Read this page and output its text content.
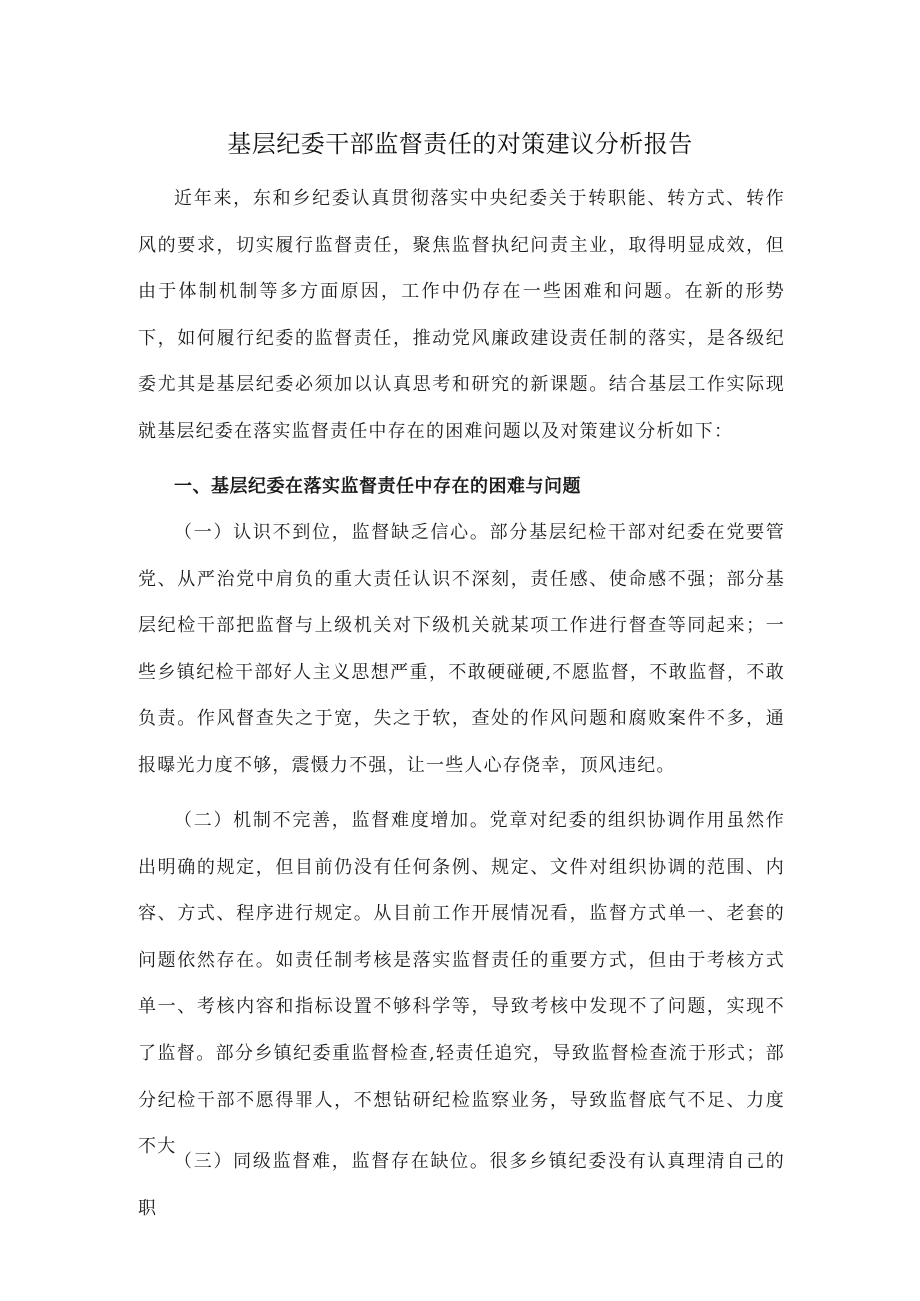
基层纪委干部监督责任的对策建议分析报告

近年来，东和乡纪委认真贯彻落实中央纪委关于转职能、转方式、转作风的要求，切实履行监督责任，聚焦监督执纪问责主业，取得明显成效，但由于体制机制等多方面原因，工作中仍存在一些困难和问题。在新的形势下，如何履行纪委的监督责任，推动党风廉政建设责任制的落实，是各级纪委尤其是基层纪委必须加以认真思考和研究的新课题。结合基层工作实际现就基层纪委在落实监督责任中存在的困难问题以及对策建议分析如下：

一、基层纪委在落实监督责任中存在的困难与问题

（一）认识不到位，监督缺乏信心。部分基层纪检干部对纪委在党要管党、从严治党中肩负的重大责任认识不深刻，责任感、使命感不强；部分基层纪检干部把监督与上级机关对下级机关就某项工作进行督查等同起来；一些乡镇纪检干部好人主义思想严重，不敢硬碰硬,不愿监督，不敢监督，不敢负责。作风督查失之于宽，失之于软，查处的作风问题和腐败案件不多，通报曝光力度不够，震慑力不强，让一些人心存侥幸，顶风违纪。

（二）机制不完善，监督难度增加。党章对纪委的组织协调作用虽然作出明确的规定，但目前仍没有任何条例、规定、文件对组织协调的范围、内容、方式、程序进行规定。从目前工作开展情况看，监督方式单一、老套的问题依然存在。如责任制考核是落实监督责任的重要方式，但由于考核方式单一、考核内容和指标设置不够科学等，导致考核中发现不了问题，实现不了监督。部分乡镇纪委重监督检查,轻责任追究，导致监督检查流于形式；部分纪检干部不愿得罪人，不想钻研纪检监察业务，导致监督底气不足、力度不大

（三）同级监督难，监督存在缺位。很多乡镇纪委没有认真理清自己的职
